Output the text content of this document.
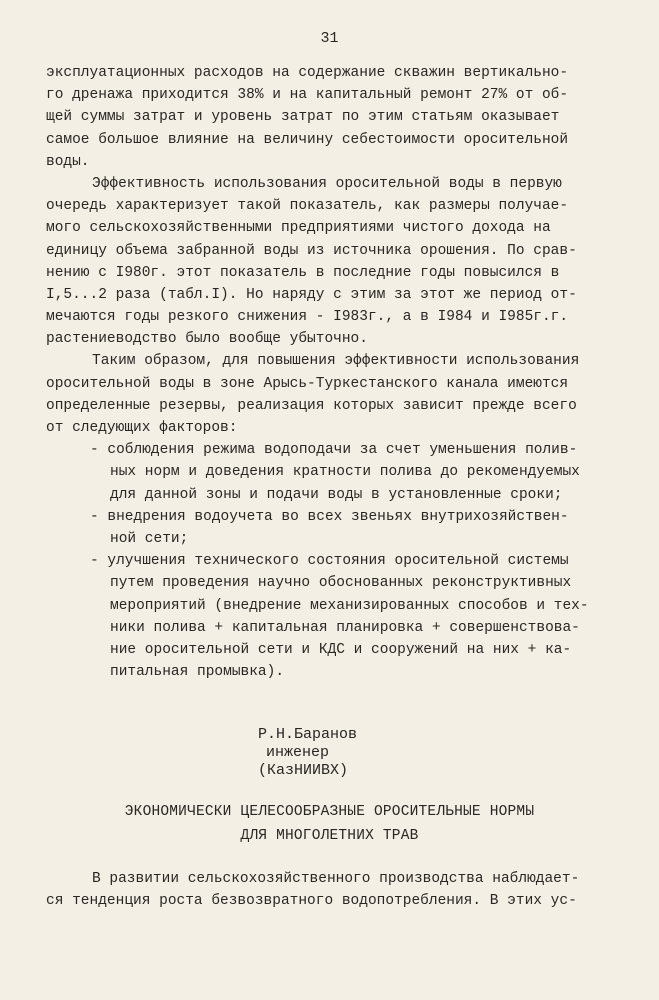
31
эксплуатационных расходов на содержание скважин вертикально-
го дренажа приходится 38% и на капитальный ремонт 27% от об-
щей суммы затрат и уровень затрат по этим статьям оказывает
самое большое влияние на величину себестоимости оросительной
воды.
Эффективность использования оросительной воды в первую
очередь характеризует такой показатель, как размеры получае-
мого сельскохозяйственными предприятиями чистого дохода на
единицу объема забранной воды из источника орошения. По срав-
нению с I980г. этот показатель в последние годы повысился в
I,5...2 раза (табл.I). Но наряду с этим за этот же период от-
мечаются годы резкого снижения - I983г., а в I984 и I985г.г.
растениеводство было вообще убыточно.
Таким образом, для повышения эффективности использования
оросительной воды в зоне Арысь-Туркестанского канала имеются
определенные резервы, реализация которых зависит прежде всего
от следующих факторов:
- соблюдения режима водоподачи за счет уменьшения полив-
ных норм и доведения кратности полива до рекомендуемых
для данной зоны и подачи воды в установленные сроки;
- внедрения водоучета во всех звеньях внутрихозяйствен-
ной сети;
- улучшения технического состояния оросительной системы
путем проведения научно обоснованных реконструктивных
мероприятий (внедрение механизированных способов и тех-
ники полива + капитальная планировка + совершенствова-
ние оросительной сети и КДС и сооружений на них + ка-
питальная промывка).
Р.Н.Баранов
инженер
(КазНИИВХ)
ЭКОНОМИЧЕСКИ ЦЕЛЕСООБРАЗНЫЕ ОРОСИТЕЛЬНЫЕ НОРМЫ
ДЛЯ МНОГОЛЕТНИХ ТРАВ
В развитии сельскохозяйственного производства наблюдает-
ся тенденция роста безвозвратного водопотребления. В этих ус-
